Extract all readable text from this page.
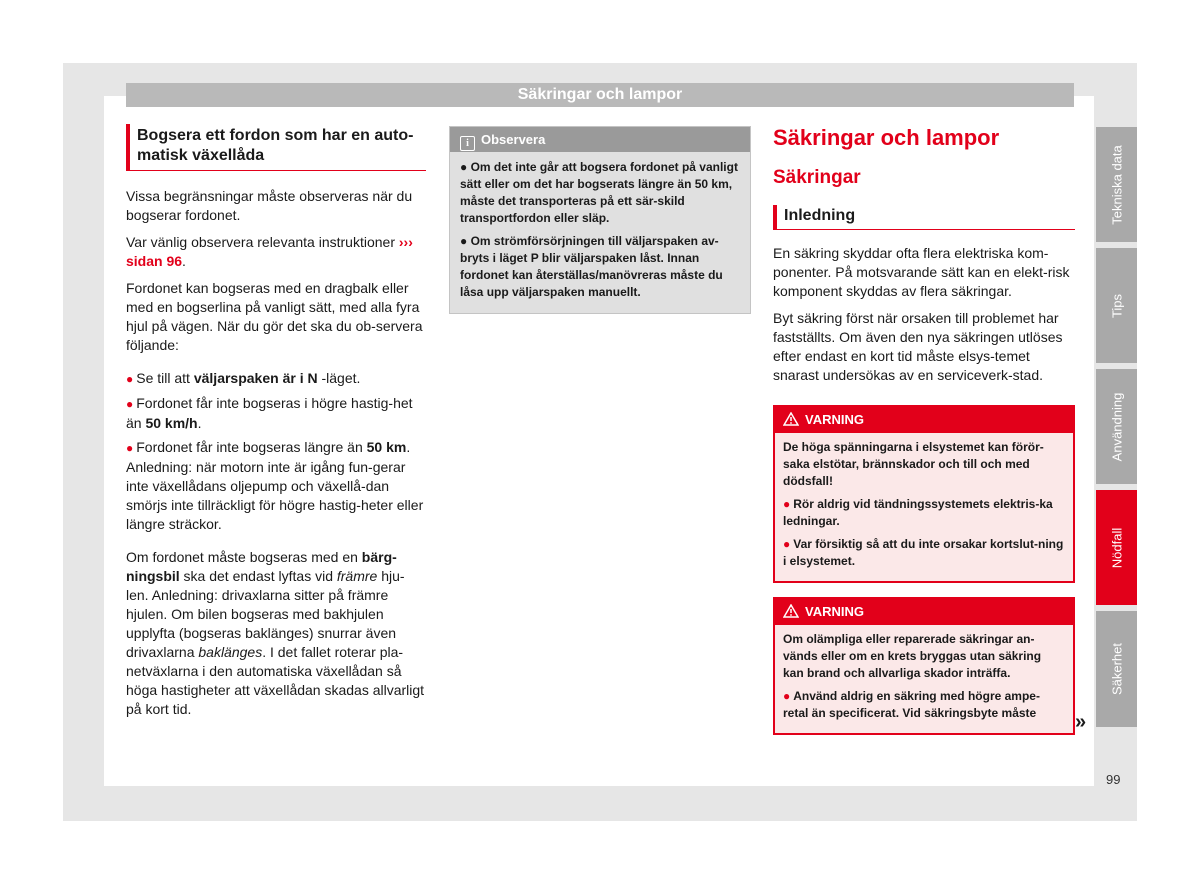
Säkringar och lampor
Bogsera ett fordon som har en auto-matisk växellåda

Vissa begränsningar måste observeras när du bogserar fordonet.

Var vänlig observera relevanta instruktioner ››› sidan 96.

Fordonet kan bogseras med en dragbalk eller med en bogserlina på vanligt sätt, med alla fyra hjul på vägen. När du gör det ska du ob-servera följande:

● Se till att väljarspaken är i N -läget.
● Fordonet får inte bogseras i högre hastig-het än 50 km/h.
● Fordonet får inte bogseras längre än 50 km. Anledning: när motorn inte är igång fun-gerar inte växellådans oljepump och växellå-dan smörjs inte tillräckligt för högre hastig-heter eller längre sträckor.

Om fordonet måste bogseras med en bärg-ningsbil ska det endast lyftas vid främre hju-len. Anledning: drivaxlarna sitter på främre hjulen. Om bilen bogseras med bakhjulen upplyfta (bogseras baklänges) snurrar även drivaxlarna baklänges. I det fallet roterar pla-netväxlarna i den automatiska växellådan så höga hastigheter att växellådan skadas allvarligt på kort tid.

i Observera
● Om det inte går att bogsera fordonet på vanligt sätt eller om det har bogserats längre än 50 km, måste det transporteras på ett sär-skild transportfordon eller släp.
● Om strömförsörjningen till väljarspaken av-bryts i läget P blir väljarspaken låst. Innan fordonet kan återställas/manövreras måste du låsa upp väljarspaken manuellt.
Säkringar och lampor
Säkringar
Inledning

En säkring skyddar ofta flera elektriska kom-ponenter. På motsvarande sätt kan en elekt-risk komponent skyddas av flera säkringar.

Byt säkring först när orsaken till problemet har fastställts. Om även den nya säkringen utlöses efter endast en kort tid måste elsys-temet snarast undersökas av en serviceverk-stad.

VARNING

De höga spänningarna i elsystemet kan förör-saka elstötar, brännskador och till och med dödsfall!

● Rör aldrig vid tändningssystemets elektris-ka ledningar.
● Var försiktig så att du inte orsakar kortslut-ning i elsystemet.
VARNING

Om olämpliga eller reparerade säkringar an-vänds eller om en krets bryggas utan säkring kan brand och allvarliga skador inträffa.

● Använd aldrig en säkring med högre ampe-retal än specificerat. Vid säkringsbyte måste	»
Tekniska data
Tips
Användning
Nödfall
Säkerhet
99
